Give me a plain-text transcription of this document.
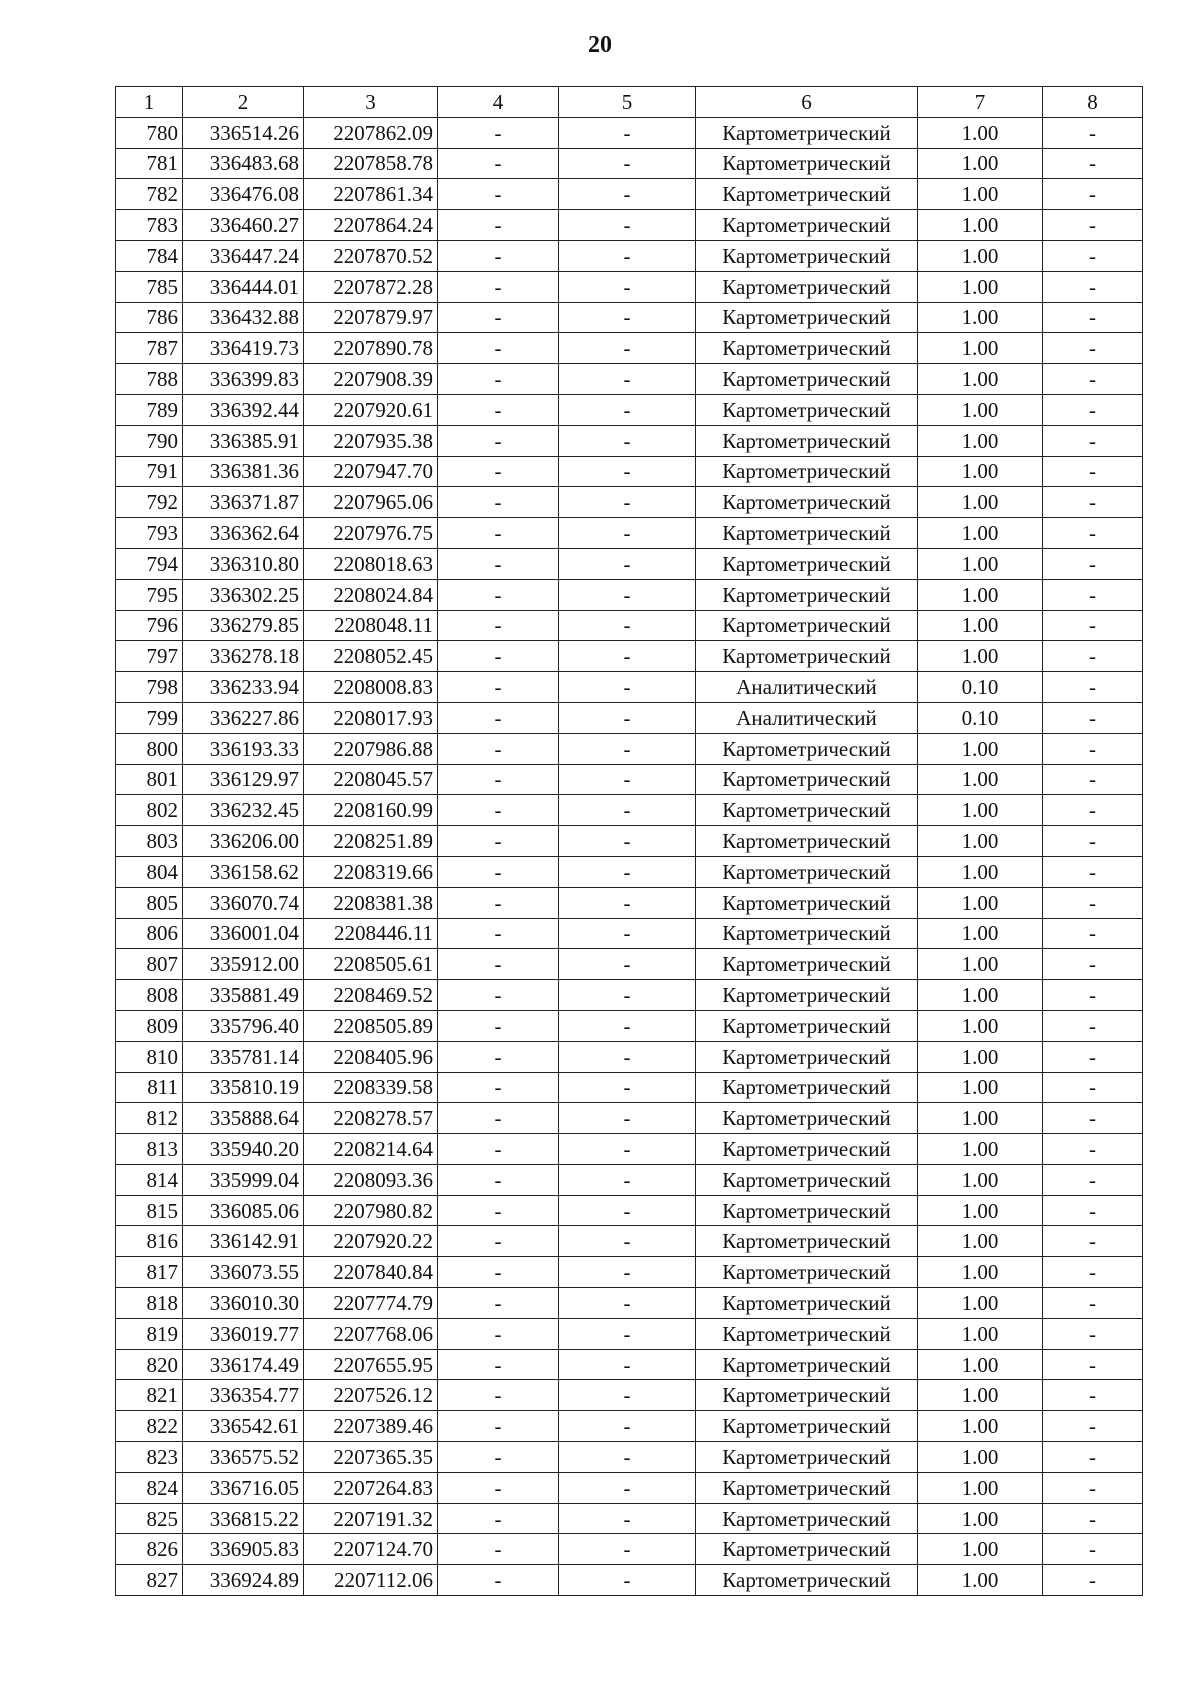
20
1	2	3	4	5	6	7	8
780	336514.26	2207862.09	-	-	Картометрический	1.00	-
781	336483.68	2207858.78	-	-	Картометрический	1.00	-
782	336476.08	2207861.34	-	-	Картометрический	1.00	-
783	336460.27	2207864.24	-	-	Картометрический	1.00	-
784	336447.24	2207870.52	-	-	Картометрический	1.00	-
785	336444.01	2207872.28	-	-	Картометрический	1.00	-
786	336432.88	2207879.97	-	-	Картометрический	1.00	-
787	336419.73	2207890.78	-	-	Картометрический	1.00	-
788	336399.83	2207908.39	-	-	Картометрический	1.00	-
789	336392.44	2207920.61	-	-	Картометрический	1.00	-
790	336385.91	2207935.38	-	-	Картометрический	1.00	-
791	336381.36	2207947.70	-	-	Картометрический	1.00	-
792	336371.87	2207965.06	-	-	Картометрический	1.00	-
793	336362.64	2207976.75	-	-	Картометрический	1.00	-
794	336310.80	2208018.63	-	-	Картометрический	1.00	-
795	336302.25	2208024.84	-	-	Картометрический	1.00	-
796	336279.85	2208048.11	-	-	Картометрический	1.00	-
797	336278.18	2208052.45	-	-	Картометрический	1.00	-
798	336233.94	2208008.83	-	-	Аналитический	0.10	-
799	336227.86	2208017.93	-	-	Аналитический	0.10	-
800	336193.33	2207986.88	-	-	Картометрический	1.00	-
801	336129.97	2208045.57	-	-	Картометрический	1.00	-
802	336232.45	2208160.99	-	-	Картометрический	1.00	-
803	336206.00	2208251.89	-	-	Картометрический	1.00	-
804	336158.62	2208319.66	-	-	Картометрический	1.00	-
805	336070.74	2208381.38	-	-	Картометрический	1.00	-
806	336001.04	2208446.11	-	-	Картометрический	1.00	-
807	335912.00	2208505.61	-	-	Картометрический	1.00	-
808	335881.49	2208469.52	-	-	Картометрический	1.00	-
809	335796.40	2208505.89	-	-	Картометрический	1.00	-
810	335781.14	2208405.96	-	-	Картометрический	1.00	-
811	335810.19	2208339.58	-	-	Картометрический	1.00	-
812	335888.64	2208278.57	-	-	Картометрический	1.00	-
813	335940.20	2208214.64	-	-	Картометрический	1.00	-
814	335999.04	2208093.36	-	-	Картометрический	1.00	-
815	336085.06	2207980.82	-	-	Картометрический	1.00	-
816	336142.91	2207920.22	-	-	Картометрический	1.00	-
817	336073.55	2207840.84	-	-	Картометрический	1.00	-
818	336010.30	2207774.79	-	-	Картометрический	1.00	-
819	336019.77	2207768.06	-	-	Картометрический	1.00	-
820	336174.49	2207655.95	-	-	Картометрический	1.00	-
821	336354.77	2207526.12	-	-	Картометрический	1.00	-
822	336542.61	2207389.46	-	-	Картометрический	1.00	-
823	336575.52	2207365.35	-	-	Картометрический	1.00	-
824	336716.05	2207264.83	-	-	Картометрический	1.00	-
825	336815.22	2207191.32	-	-	Картометрический	1.00	-
826	336905.83	2207124.70	-	-	Картометрический	1.00	-
827	336924.89	2207112.06	-	-	Картометрический	1.00	-
